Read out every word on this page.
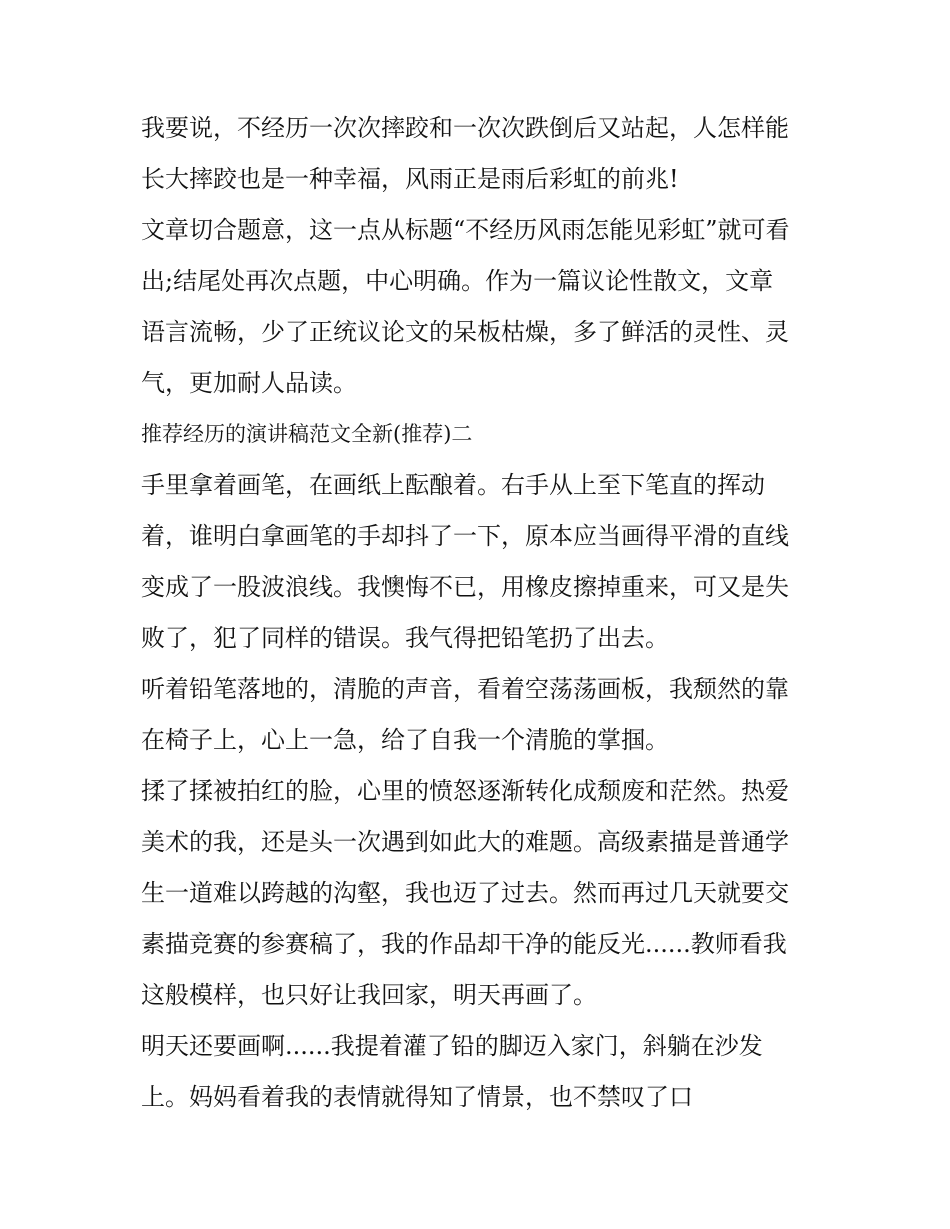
我要说，不经历一次次摔跤和一次次跌倒后又站起，人怎样能
长大摔跤也是一种幸福，风雨正是雨后彩虹的前兆!
文章切合题意，这一点从标题“不经历风雨怎能见彩虹”就可看
出;结尾处再次点题，中心明确。作为一篇议论性散文，文章
语言流畅，少了正统议论文的呆板枯燥，多了鲜活的灵性、灵
气，更加耐人品读。
推荐经历的演讲稿范文全新(推荐)二
手里拿着画笔，在画纸上酝酿着。右手从上至下笔直的挥动
着，谁明白拿画笔的手却抖了一下，原本应当画得平滑的直线
变成了一股波浪线。我懊悔不已，用橡皮擦掉重来，可又是失
败了，犯了同样的错误。我气得把铅笔扔了出去。
听着铅笔落地的，清脆的声音，看着空荡荡画板，我颓然的靠
在椅子上，心上一急，给了自我一个清脆的掌掴。
揉了揉被拍红的脸，心里的愤怒逐渐转化成颓废和茫然。热爱
美术的我，还是头一次遇到如此大的难题。高级素描是普通学
生一道难以跨越的沟壑，我也迈了过去。然而再过几天就要交
素描竞赛的参赛稿了，我的作品却干净的能反光......教师看我
这般模样，也只好让我回家，明天再画了。
明天还要画啊......我提着灌了铅的脚迈入家门，斜躺在沙发
上。妈妈看着我的表情就得知了情景，也不禁叹了口
